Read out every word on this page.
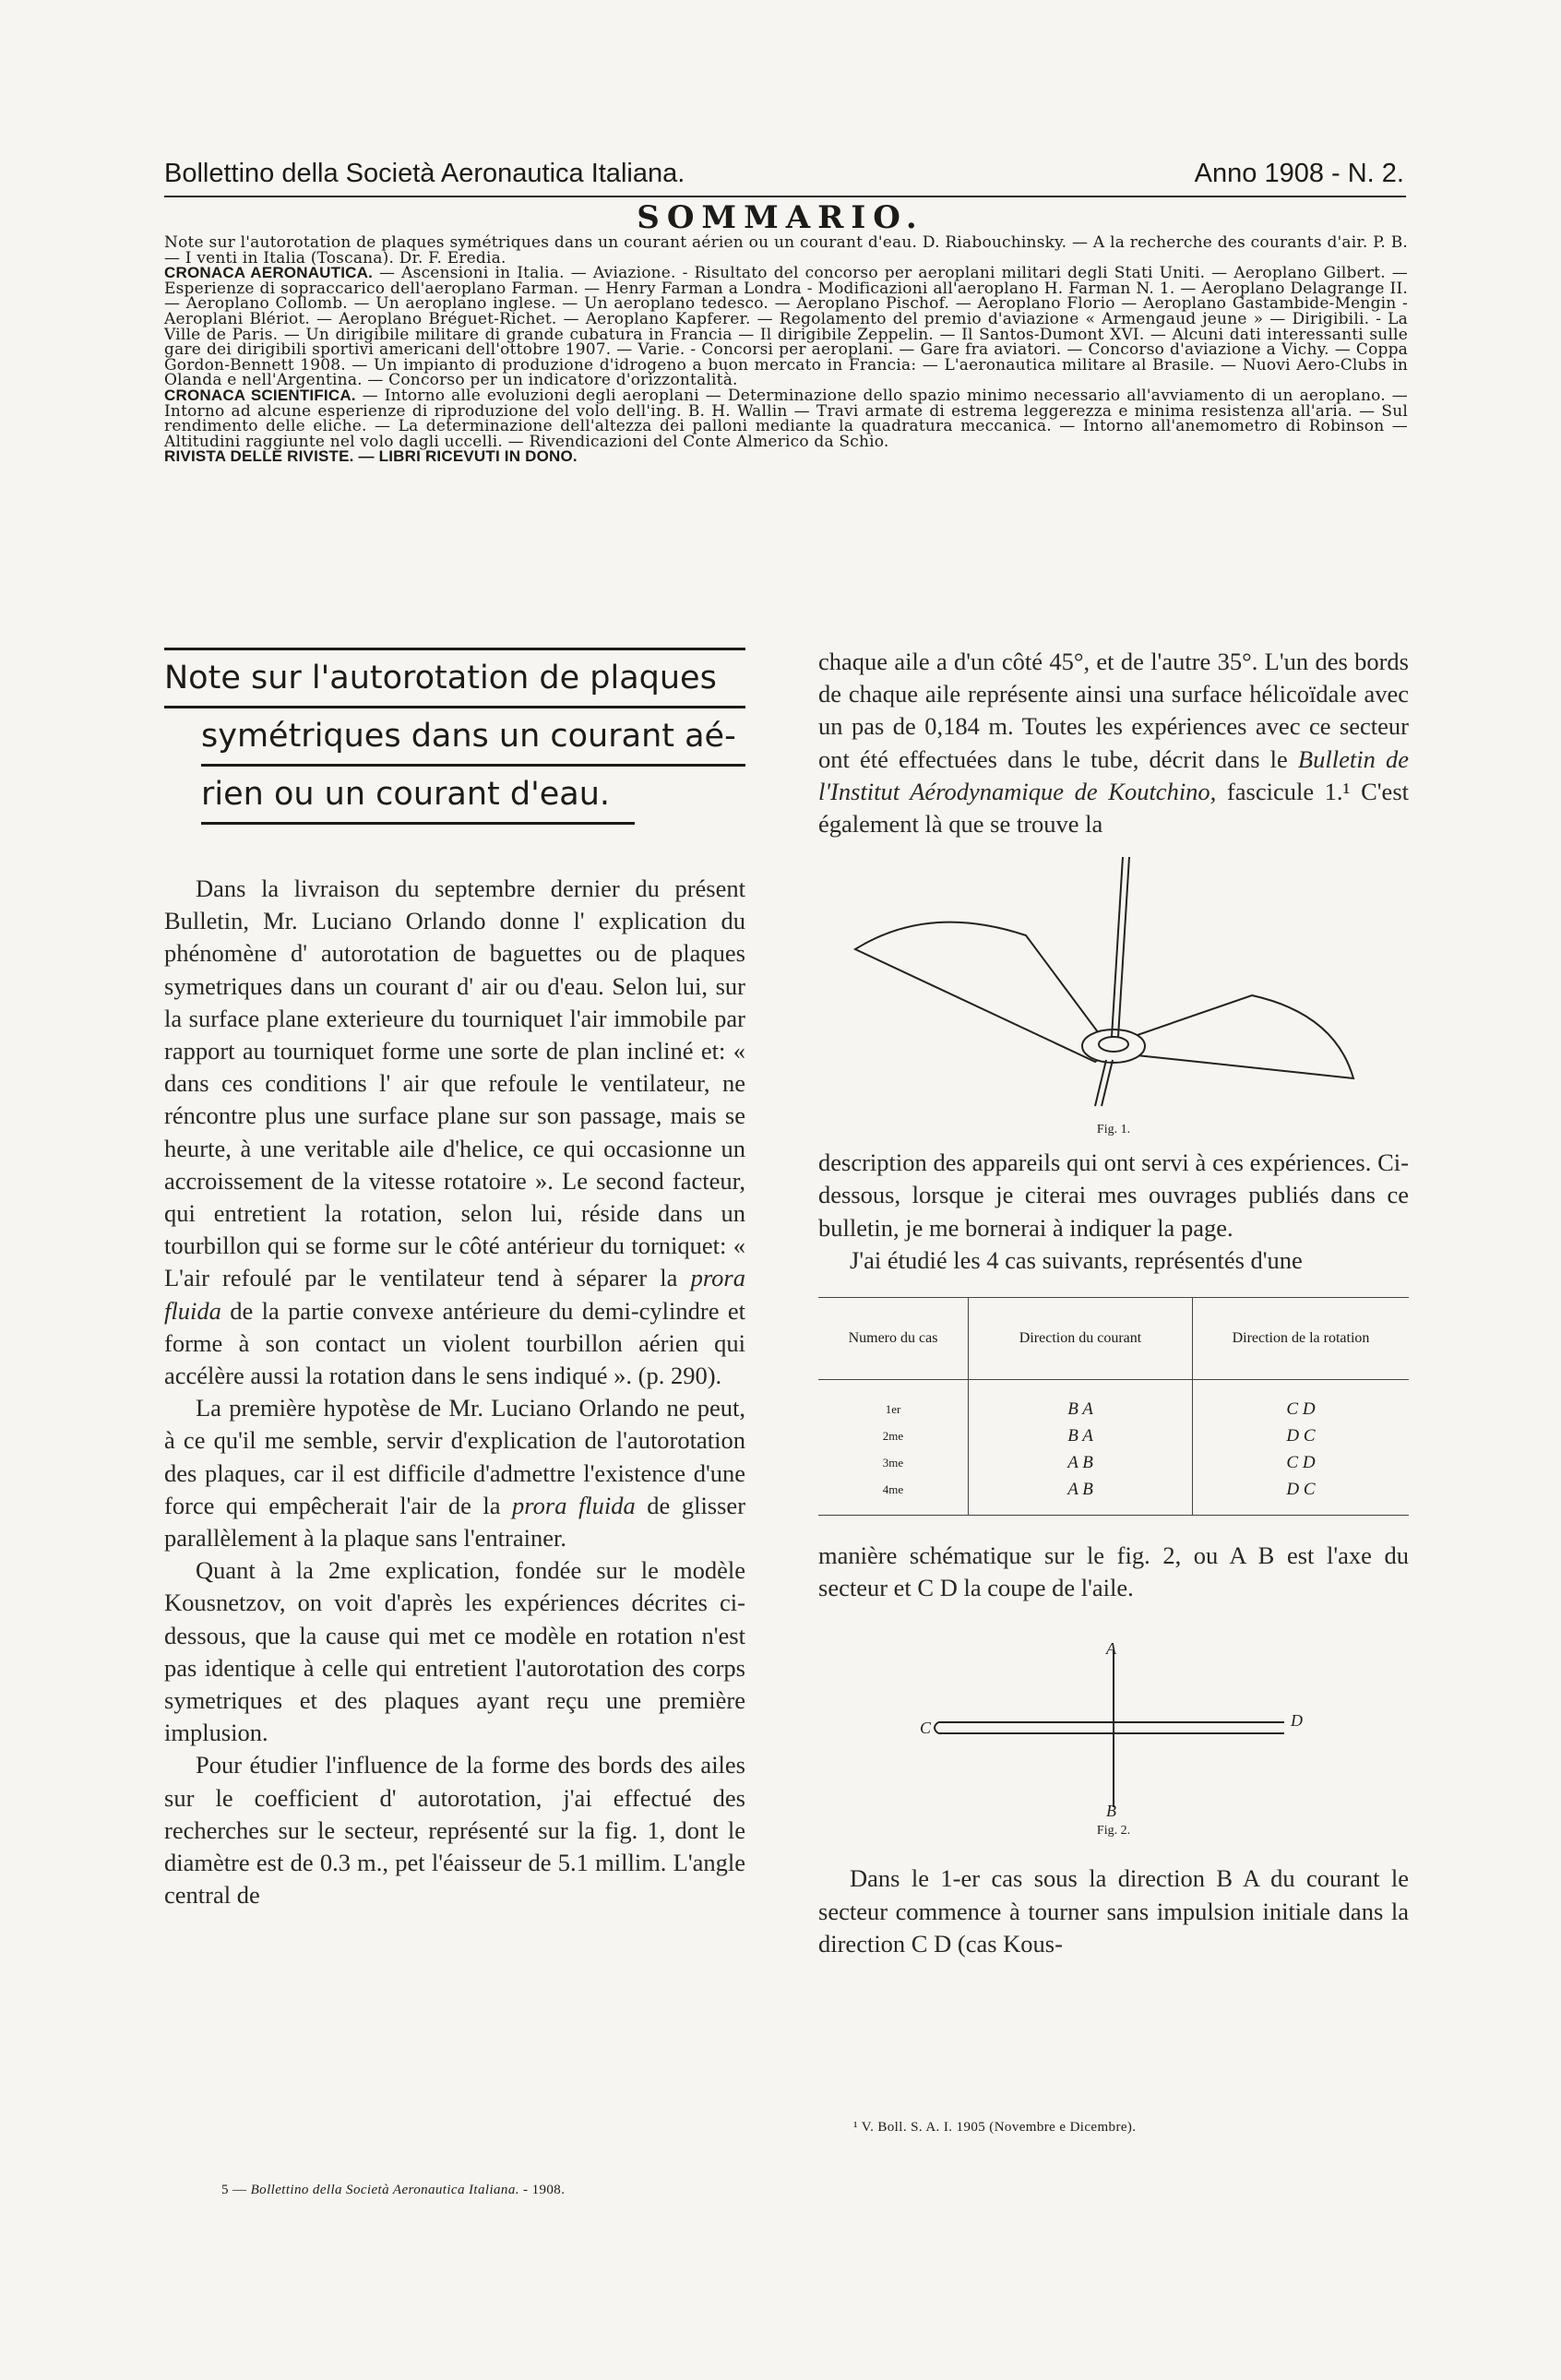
Bollettino della Società Aeronautica Italiana.	Anno 1908 - N. 2.
SOMMARIO.

Note sur l'autorotation de plaques symétriques dans un courant aérien ou un courant d'eau. D. Riabouchinsky. — A la recherche des courants d'air. P. B. — I venti in Italia (Toscana). Dr. F. Eredia.

CRONACA AERONAUTICA. — Ascensioni in Italia. — Aviazione. - Risultato del concorso per aeroplani militari degli Stati Uniti. — Aeroplano Gilbert. — Esperienze di sopraccarico dell'aeroplano Farman. — Henry Farman a Londra - Modificazioni all'aeroplano H. Farman N. 1. — Aeroplano Delagrange II. — Aeroplano Collomb. — Un aeroplano inglese. — Un aeroplano tedesco. — Aeroplano Pischof. — Aeroplano Florio — Aeroplano Gastambide-Mengin - Aeroplani Blériot. — Aeroplano Bréguet-Richet. — Aeroplano Kapferer. — Regolamento del premio d'aviazione « Armengaud jeune » — Dirigibili. - La Ville de Paris. — Un dirigibile militare di grande cubatura in Francia — Il dirigibile Zeppelin. — Il Santos-Dumont XVI. — Alcuni dati interessanti sulle gare dei dirigibili sportivi americani dell'ottobre 1907. — Varie. - Concorsi per aeroplani. — Gare fra aviatori. — Concorso d'aviazione a Vichy. — Coppa Gordon-Bennett 1908. — Un impianto di produzione d'idrogeno a buon mercato in Francia: — L'aeronautica militare al Brasile. — Nuovi Aero-Clubs in Olanda e nell'Argentina. — Concorso per un indicatore d'orizzontalità.

CRONACA SCIENTIFICA. — Intorno alle evoluzioni degli aeroplani — Determinazione dello spazio minimo necessario all'avviamento di un aeroplano. — Intorno ad alcune esperienze di riproduzione del volo dell'ing. B. H. Wallin — Travi armate di estrema leggerezza e minima resistenza all'aria. — Sul rendimento delle eliche. — La determinazione dell'altezza dei palloni mediante la quadratura meccanica. — Intorno all'anemometro di Robinson — Altitudini raggiunte nel volo dagli uccelli. — Rivendicazioni del Conte Almerico da Schio.

RIVISTA DELLE RIVISTE. — LIBRI RICEVUTI IN DONO.

Note sur l'autorotation de plaques
symétriques dans un courant aé-
rien ou un courant d'eau.

Dans la livraison du septembre dernier du présent Bulletin, Mr. Luciano Orlando donne l' explication du phénomène d' autorotation de baguettes ou de plaques symetriques dans un courant d' air ou d'eau. Selon lui, sur la surface plane exterieure du tourniquet l'air immobile par rapport au tourniquet forme une sorte de plan incliné et: « dans ces conditions l' air que refoule le ventilateur, ne réncontre plus une surface plane sur son passage, mais se heurte, à une veritable aile d'helice, ce qui occasionne un accroissement de la vitesse rotatoire ». Le second facteur, qui entretient la rotation, selon lui, réside dans un tourbillon qui se forme sur le côté antérieur du torniquet: « L'air refoulé par le ventilateur tend à séparer la prora fluida de la partie convexe antérieure du demi-cylindre et forme à son contact un violent tourbillon aérien qui accélère aussi la rotation dans le sens indiqué ». (p. 290).

La première hypotèse de Mr. Luciano Orlando ne peut, à ce qu'il me semble, servir d'explication de l'autorotation des plaques, car il est difficile d'admettre l'existence d'une force qui empêcherait l'air de la prora fluida de glisser parallèlement à la plaque sans l'entrainer.

Quant à la 2me explication, fondée sur le modèle Kousnetzov, on voit d'après les expériences décrites ci-dessous, que la cause qui met ce modèle en rotation n'est pas identique à celle qui entretient l'autorotation des corps symetriques et des plaques ayant reçu une première implusion.

Pour étudier l'influence de la forme des bords des ailes sur le coefficient d' autorotation, j'ai effectué des recherches sur le secteur, représenté sur la fig. 1, dont le diamètre est de 0.3 m., pet l'éaisseur de 5.1 millim. L'angle central de

chaque aile a d'un côté 45°, et de l'autre 35°. L'un des bords de chaque aile représente ainsi una surface hélicoïdale avec un pas de 0,184 m. Toutes les expériences avec ce secteur ont été effectuées dans le tube, décrit dans le Bulletin de l'Institut Aérodynamique de Koutchino, fascicule 1.¹ C'est également là que se trouve la

Fig. 1.

description des appareils qui ont servi à ces expériences. Ci-dessous, lorsque je citerai mes ouvrages publiés dans ce bulletin, je me bornerai à indiquer la page.

J'ai étudié les 4 cas suivants, représentés d'une

Numero du cas	Direction du courant	Direction de la rotation
1er	B A	C D
2me	B A	D C
3me	A B	C D
4me	A B	D C

manière schématique sur le fig. 2, ou A B est l'axe du secteur et C D la coupe de l'aile.

A
B
C	D
Fig. 2.

Dans le 1-er cas sous la direction B A du courant le secteur commence à tourner sans impulsion initiale dans la direction C D (cas Kous-

¹ V. Boll. S. A. I. 1905 (Novembre e Dicembre).
5 — Bollettino della Società Aeronautica Italiana. - 1908.
